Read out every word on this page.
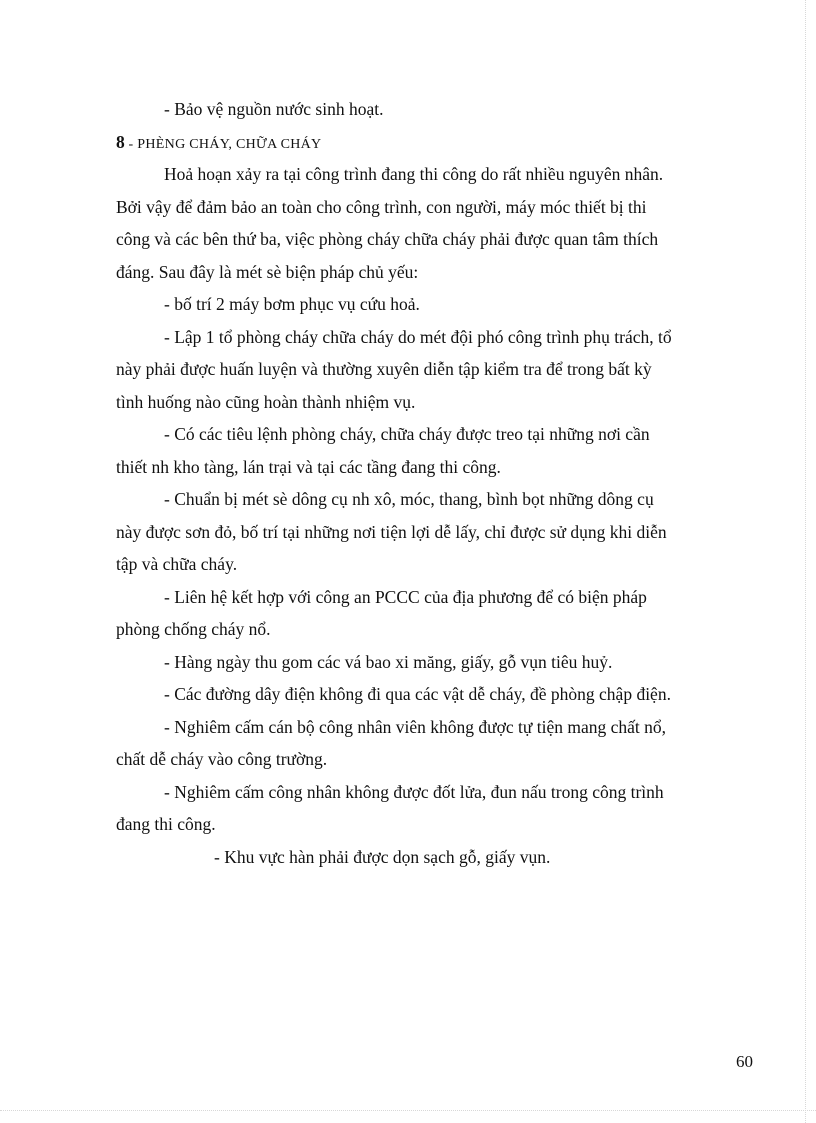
- Bảo vệ nguồn nước sinh hoạt.

8 - PHÈNG CHÁY, CHỮA CHÁY

Hoả hoạn xảy ra tại công trình đang thi công do rất nhiều nguyên nhân.

Bởi vậy để đảm bảo an toàn cho công trình, con người, máy móc thiết bị thi

công và các bên thứ ba, việc phòng cháy chữa cháy phải được quan tâm thích

đáng. Sau đây là mét sè biện pháp chủ yếu:

- bố trí 2 máy bơm phục vụ cứu hoả.

- Lập 1 tổ phòng cháy chữa cháy do mét đội phó công trình phụ trách, tổ

này phải được huấn luyện và thường xuyên diễn tập kiểm tra để trong bất kỳ

tình huống nào cũng hoàn thành nhiệm vụ.

- Có các tiêu lệnh phòng cháy, chữa cháy được treo tại những nơi cần

thiết nh kho tàng, lán trại và tại các tầng đang thi công.

- Chuẩn bị mét sè dông cụ nh xô, móc, thang, bình bọt những dông cụ

này được sơn đỏ, bố trí tại những nơi tiện lợi dễ lấy, chỉ được sử dụng khi diễn

tập và chữa cháy.

- Liên hệ kết hợp với công an PCCC của địa phương để có biện pháp

phòng chống cháy nổ.

- Hàng ngày thu gom các vá bao xi măng, giấy, gỗ vụn tiêu huỷ.

- Các đường dây điện không đi qua các vật dễ cháy, đề phòng chập điện.

- Nghiêm cấm cán bộ công nhân viên không được tự tiện mang chất nổ,

chất dễ cháy vào công trường.

- Nghiêm cấm công nhân không được đốt lửa, đun nấu trong công trình

đang thi công.

- Khu vực hàn phải được dọn sạch gỗ, giấy vụn.

60
